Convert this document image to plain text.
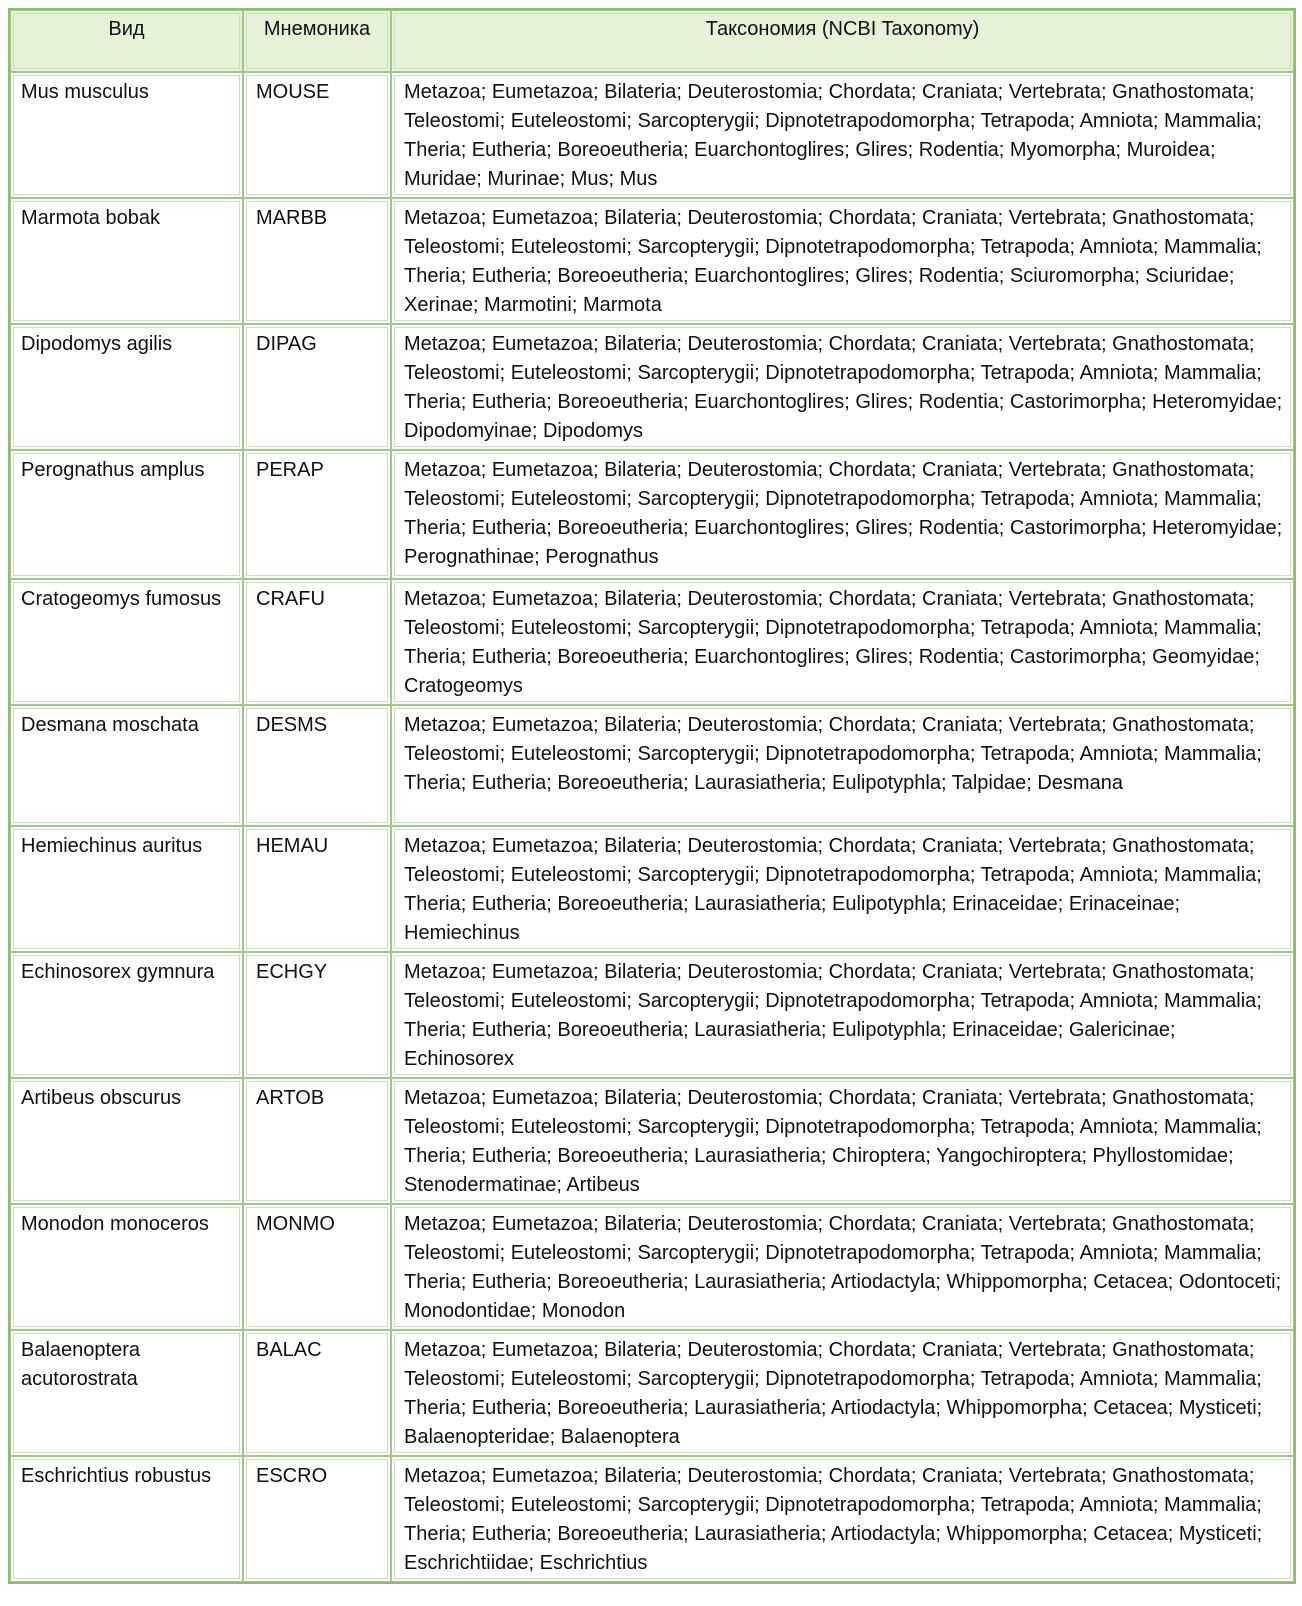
Вид	Мнемоника	Таксономия (NCBI Taxonomy)
Mus musculus	MOUSE	Metazoa; Eumetazoa; Bilateria; Deuterostomia; Chordata; Craniata; Vertebrata; Gnathostomata; Teleostomi; Euteleostomi; Sarcopterygii; Dipnotetrapodomorpha; Tetrapoda; Amniota; Mammalia; Theria; Eutheria; Boreoeutheria; Euarchontoglires; Glires; Rodentia; Myomorpha; Muroidea; Muridae; Murinae; Mus; Mus
Marmota bobak	MARBB	Metazoa; Eumetazoa; Bilateria; Deuterostomia; Chordata; Craniata; Vertebrata; Gnathostomata; Teleostomi; Euteleostomi; Sarcopterygii; Dipnotetrapodomorpha; Tetrapoda; Amniota; Mammalia; Theria; Eutheria; Boreoeutheria; Euarchontoglires; Glires; Rodentia; Sciuromorpha; Sciuridae; Xerinae; Marmotini; Marmota
Dipodomys agilis	DIPAG	Metazoa; Eumetazoa; Bilateria; Deuterostomia; Chordata; Craniata; Vertebrata; Gnathostomata; Teleostomi; Euteleostomi; Sarcopterygii; Dipnotetrapodomorpha; Tetrapoda; Amniota; Mammalia; Theria; Eutheria; Boreoeutheria; Euarchontoglires; Glires; Rodentia; Castorimorpha; Heteromyidae; Dipodomyinae; Dipodomys
Perognathus amplus	PERAP	Metazoa; Eumetazoa; Bilateria; Deuterostomia; Chordata; Craniata; Vertebrata; Gnathostomata; Teleostomi; Euteleostomi; Sarcopterygii; Dipnotetrapodomorpha; Tetrapoda; Amniota; Mammalia; Theria; Eutheria; Boreoeutheria; Euarchontoglires; Glires; Rodentia; Castorimorpha; Heteromyidae; Perognathinae; Perognathus
Cratogeomys fumosus	CRAFU	Metazoa; Eumetazoa; Bilateria; Deuterostomia; Chordata; Craniata; Vertebrata; Gnathostomata; Teleostomi; Euteleostomi; Sarcopterygii; Dipnotetrapodomorpha; Tetrapoda; Amniota; Mammalia; Theria; Eutheria; Boreoeutheria; Euarchontoglires; Glires; Rodentia; Castorimorpha; Geomyidae; Cratogeomys
Desmana moschata	DESMS	Metazoa; Eumetazoa; Bilateria; Deuterostomia; Chordata; Craniata; Vertebrata; Gnathostomata; Teleostomi; Euteleostomi; Sarcopterygii; Dipnotetrapodomorpha; Tetrapoda; Amniota; Mammalia; Theria; Eutheria; Boreoeutheria; Laurasiatheria; Eulipotyphla; Talpidae; Desmana
Hemiechinus auritus	HEMAU	Metazoa; Eumetazoa; Bilateria; Deuterostomia; Chordata; Craniata; Vertebrata; Gnathostomata; Teleostomi; Euteleostomi; Sarcopterygii; Dipnotetrapodomorpha; Tetrapoda; Amniota; Mammalia; Theria; Eutheria; Boreoeutheria; Laurasiatheria; Eulipotyphla; Erinaceidae; Erinaceinae; Hemiechinus
Echinosorex gymnura	ECHGY	Metazoa; Eumetazoa; Bilateria; Deuterostomia; Chordata; Craniata; Vertebrata; Gnathostomata; Teleostomi; Euteleostomi; Sarcopterygii; Dipnotetrapodomorpha; Tetrapoda; Amniota; Mammalia; Theria; Eutheria; Boreoeutheria; Laurasiatheria; Eulipotyphla; Erinaceidae; Galericinae; Echinosorex
Artibeus obscurus	ARTOB	Metazoa; Eumetazoa; Bilateria; Deuterostomia; Chordata; Craniata; Vertebrata; Gnathostomata; Teleostomi; Euteleostomi; Sarcopterygii; Dipnotetrapodomorpha; Tetrapoda; Amniota; Mammalia; Theria; Eutheria; Boreoeutheria; Laurasiatheria; Chiroptera; Yangochiroptera; Phyllostomidae; Stenodermatinae; Artibeus
Monodon monoceros	MONMO	Metazoa; Eumetazoa; Bilateria; Deuterostomia; Chordata; Craniata; Vertebrata; Gnathostomata; Teleostomi; Euteleostomi; Sarcopterygii; Dipnotetrapodomorpha; Tetrapoda; Amniota; Mammalia; Theria; Eutheria; Boreoeutheria; Laurasiatheria; Artiodactyla; Whippomorpha; Cetacea; Odontoceti; Monodontidae; Monodon
Balaenoptera acutorostrata	BALAC	Metazoa; Eumetazoa; Bilateria; Deuterostomia; Chordata; Craniata; Vertebrata; Gnathostomata; Teleostomi; Euteleostomi; Sarcopterygii; Dipnotetrapodomorpha; Tetrapoda; Amniota; Mammalia; Theria; Eutheria; Boreoeutheria; Laurasiatheria; Artiodactyla; Whippomorpha; Cetacea; Mysticeti; Balaenopteridae; Balaenoptera
Eschrichtius robustus	ESCRO	Metazoa; Eumetazoa; Bilateria; Deuterostomia; Chordata; Craniata; Vertebrata; Gnathostomata; Teleostomi; Euteleostomi; Sarcopterygii; Dipnotetrapodomorpha; Tetrapoda; Amniota; Mammalia; Theria; Eutheria; Boreoeutheria; Laurasiatheria; Artiodactyla; Whippomorpha; Cetacea; Mysticeti; Eschrichtiidae; Eschrichtius
